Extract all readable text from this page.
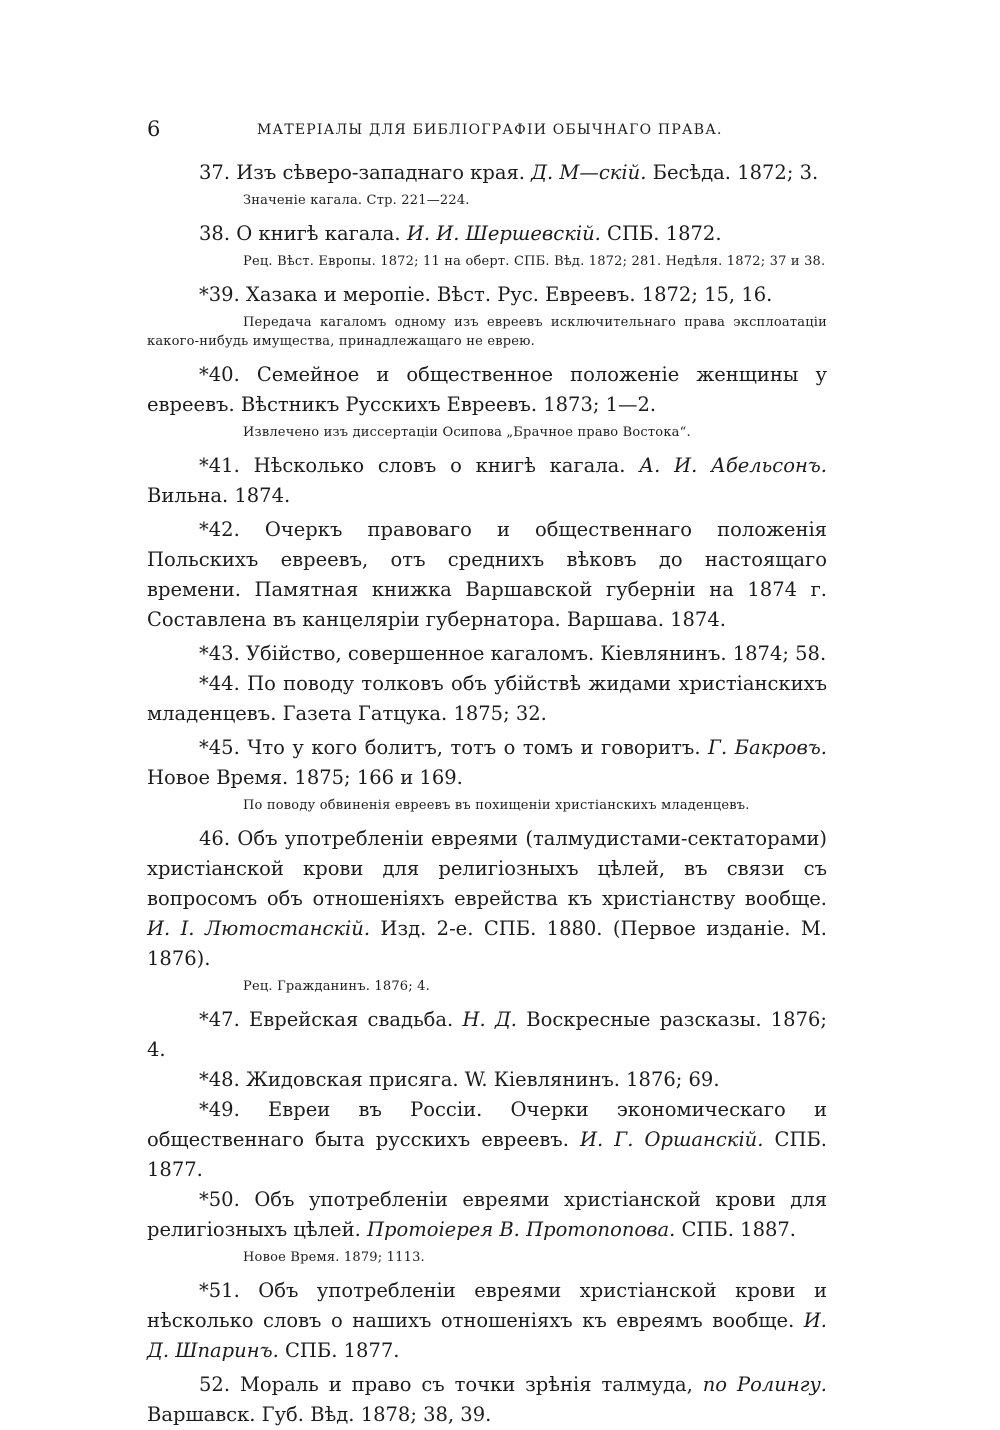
6	МАТЕРІАЛЫ ДЛЯ БИБЛІОГРАФІИ ОБЫЧНАГО ПРАВА.

37. Изъ сѣверо-западнаго края. Д. М—скій. Бесѣда. 1872; 3.

Значеніе кагала. Стр. 221—224.

38. О книгѣ кагала. И. И. Шершевскій. СПБ. 1872.

Рец. Вѣст. Европы. 1872; 11 на оберт. СПБ. Вѣд. 1872; 281. Недѣля. 1872; 37 и 38.

*39. Хазака и меропіе. Вѣст. Рус. Евреевъ. 1872; 15, 16.

Передача кагаломъ одному изъ евреевъ исключительнаго права эксплоатаціи какого-нибудь имущества, принадлежащаго не еврею.

*40. Семейное и общественное положеніе женщины у евреевъ. Вѣстникъ Русскихъ Евреевъ. 1873; 1—2.

Извлечено изъ диссертаціи Осипова „Брачное право Востока“.

*41. Нѣсколько словъ о книгѣ кагала. А. И. Абельсонъ. Вильна. 1874.

*42. Очеркъ правоваго и общественнаго положенія Польскихъ евреевъ, отъ среднихъ вѣковъ до настоящаго времени. Памятная книжка Варшавской губерніи на 1874 г. Составлена въ канцеляріи губернатора. Варшава. 1874.

*43. Убійство, совершенное кагаломъ. Кіевлянинъ. 1874; 58.

*44. По поводу толковъ объ убійствѣ жидами христіанскихъ младенцевъ. Газета Гатцука. 1875; 32.

*45. Что у кого болитъ, тотъ о томъ и говоритъ. Г. Бакровъ. Новое Время. 1875; 166 и 169.

По поводу обвиненія евреевъ въ похищеніи христіанскихъ младенцевъ.

46. Объ употребленіи евреями (талмудистами-сектаторами) христіанской крови для религіозныхъ цѣлей, въ связи съ вопросомъ объ отношеніяхъ еврейства къ христіанству вообще. И. І. Лютостанскій. Изд. 2-е. СПБ. 1880. (Первое изданіе. М. 1876).

Рец. Гражданинъ. 1876; 4.

*47. Еврейская свадьба. Н. Д. Воскресные разсказы. 1876; 4.

*48. Жидовская присяга. W. Кіевлянинъ. 1876; 69.

*49. Евреи въ Россіи. Очерки экономическаго и общественнаго быта русскихъ евреевъ. И. Г. Оршанскій. СПБ. 1877.

*50. Объ употребленіи евреями христіанской крови для религіозныхъ цѣлей. Протоіерея В. Протопопова. СПБ. 1887.

Новое Время. 1879; 1113.

*51. Объ употребленіи евреями христіанской крови и нѣсколько словъ о нашихъ отношеніяхъ къ евреямъ вообще. И. Д. Шпаринъ. СПБ. 1877.

52. Мораль и право съ точки зрѣнія талмуда, по Ролингу. Варшавск. Губ. Вѣд. 1878; 38, 39.
